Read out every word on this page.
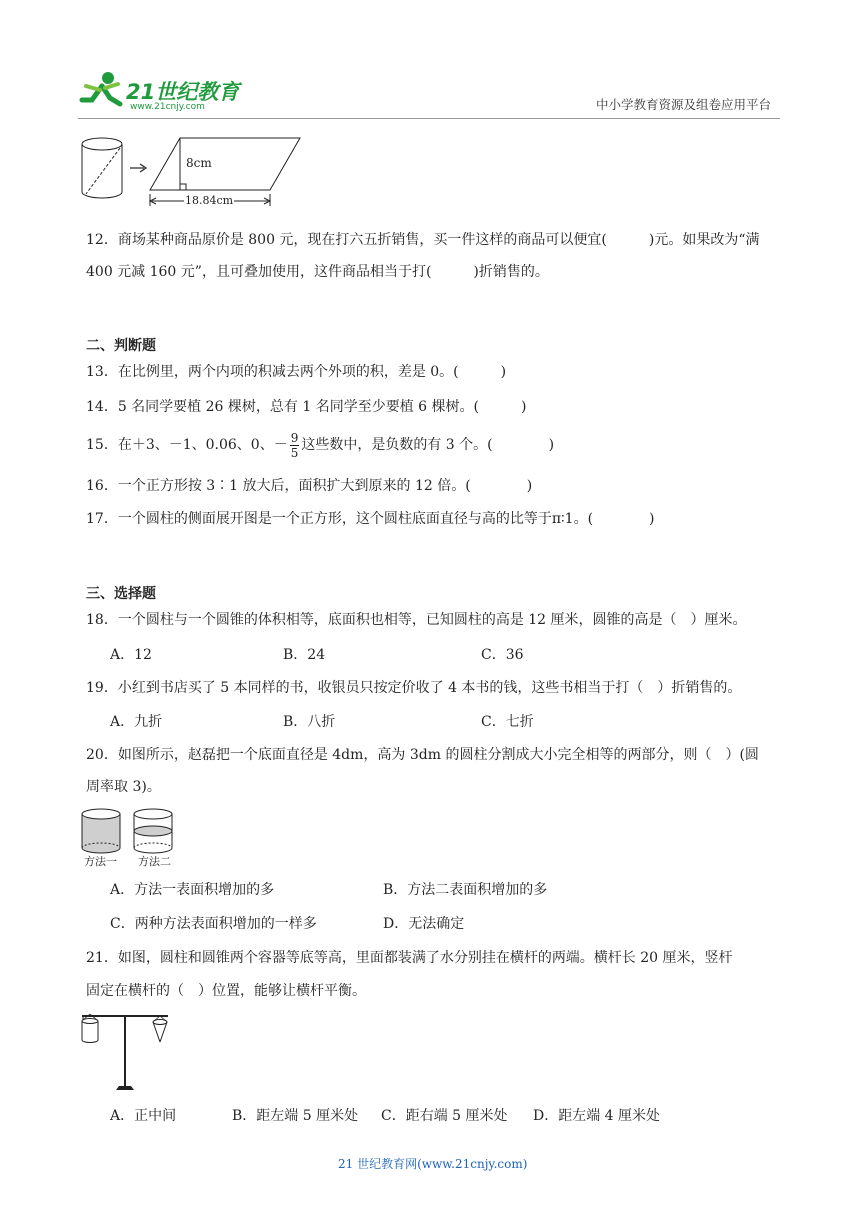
21世纪教育
www.21cnjy.com	中小学教育资源及组卷应用平台
8cm
18.84cm
12．商场某种商品原价是 800 元，现在打六五折销售，买一件这样的商品可以便宜(　　　)元。如果改为“满
400 元减 160 元”，且可叠加使用，这件商品相当于打(　　　)折销售的。
二、判断题
13．在比例里，两个内项的积减去两个外项的积，差是 0。(　　　)
14．5 名同学要植 26 棵树，总有 1 名同学至少要植 6 棵树。(　　　)
15．在＋3、－1、0.06、0、－ $\frac{9}{5}$ 这些数中，是负数的有 3 个。(　　　　)
16．一个正方形按 3∶1 放大后，面积扩大到原来的 12 倍。(　　　　)
17．一个圆柱的侧面展开图是一个正方形，这个圆柱底面直径与高的比等于π∶1。(　　　　)
三、选择题
18．一个圆柱与一个圆锥的体积相等，底面积也相等，已知圆柱的高是 12 厘米，圆锥的高是（　）厘米。
A．12	B．24	C．36
19．小红到书店买了 5 本同样的书，收银员只按定价收了 4 本书的钱，这些书相当于打（　）折销售的。
A．九折	B．八折	C．七折
20．如图所示，赵磊把一个底面直径是 4dm，高为 3dm 的圆柱分割成大小完全相等的两部分，则（　）(圆
周率取 3)。
方法一 方法二
A．方法一表面积增加的多	B．方法二表面积增加的多
C．两种方法表面积增加的一样多	D．无法确定
21．如图，圆柱和圆锥两个容器等底等高，里面都装满了水分别挂在横杆的两端。横杆长 20 厘米，竖杆
固定在横杆的（　）位置，能够让横杆平衡。
A．正中间	B．距左端 5 厘米处 C．距右端 5 厘米处 D．距左端 4 厘米处
21 世纪教育网(www.21cnjy.com)
